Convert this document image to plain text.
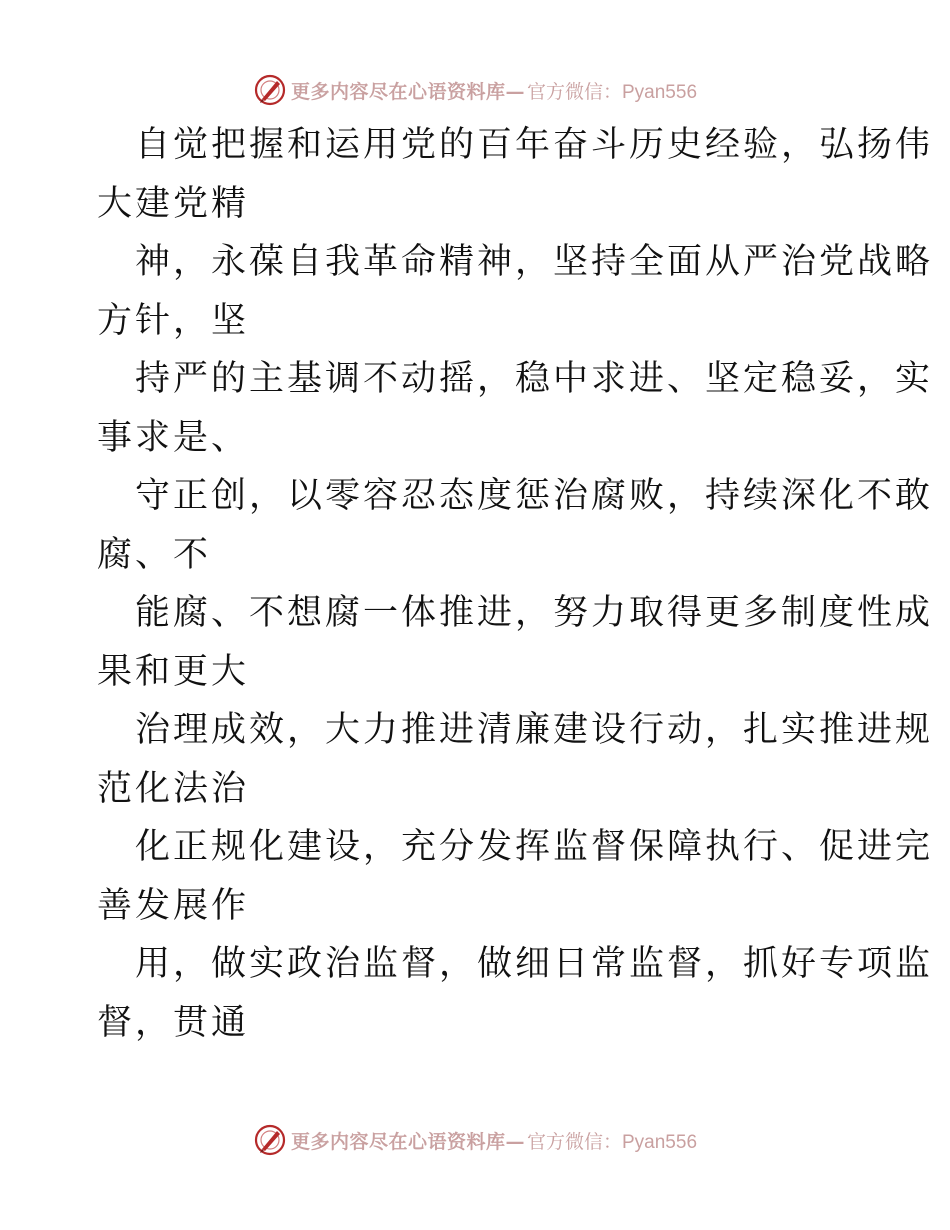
更多内容尽在心语资料库— 官方微信：Pyan556
自觉把握和运用党的百年奋斗历史经验，弘扬伟
大建党精
神，永葆自我革命精神，坚持全面从严治党战略
方针，坚
持严的主基调不动摇，稳中求进、坚定稳妥，实
事求是、
守正创，以零容忍态度惩治腐败，持续深化不敢
腐、不
能腐、不想腐一体推进，努力取得更多制度性成
果和更大
治理成效，大力推进清廉建设行动，扎实推进规
范化法治
化正规化建设，充分发挥监督保障执行、促进完
善发展作
用，做实政治监督，做细日常监督，抓好专项监
督，贯通
更多内容尽在心语资料库— 官方微信：Pyan556
